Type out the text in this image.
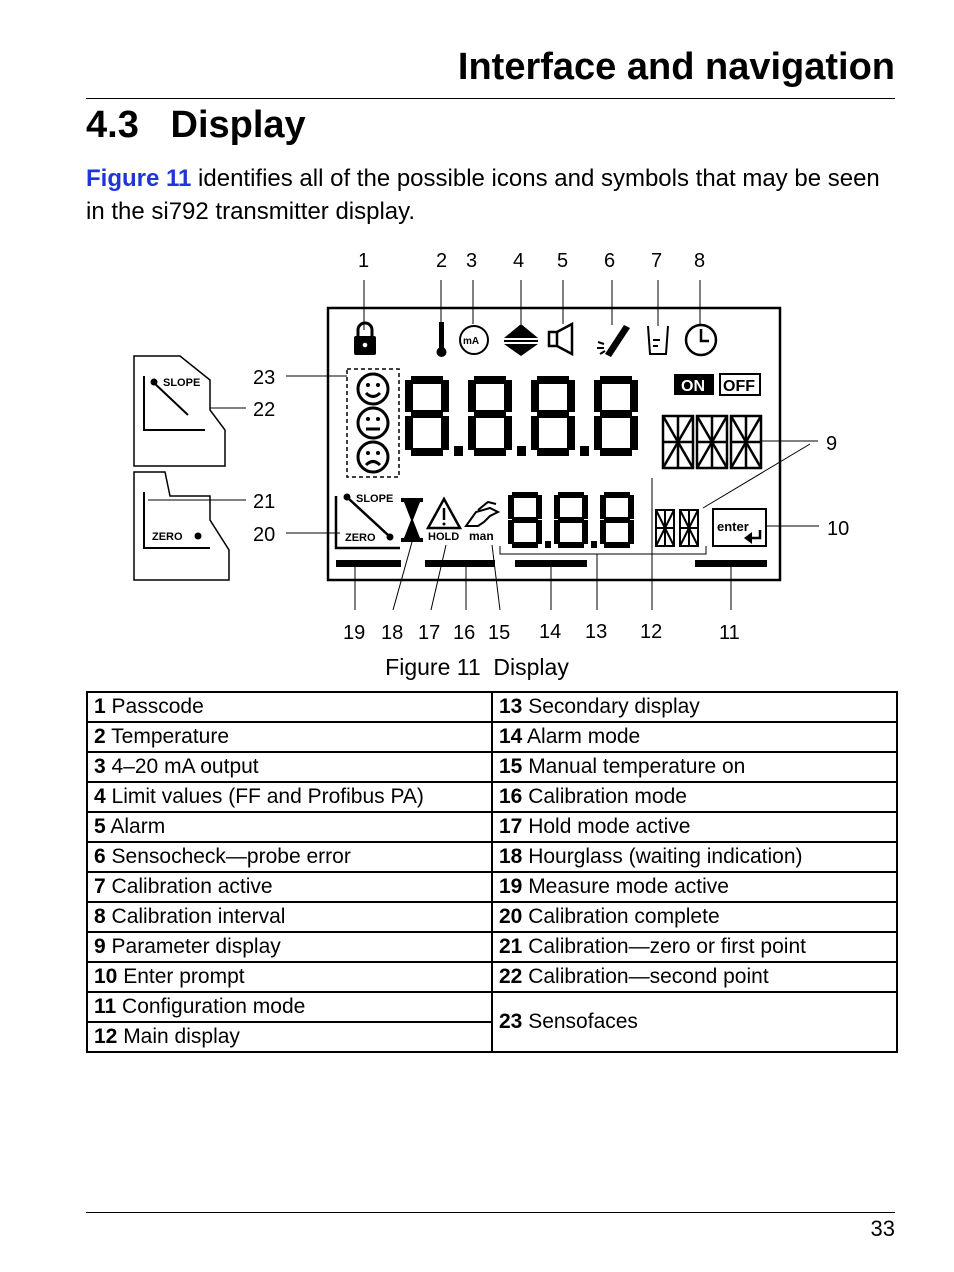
Interface and navigation
4.3   Display
Figure 11 identifies all of the possible icons and symbols that may be seen in the si792 transmitter display.
SLOPE
ZERO
mA
ON OFF
SLOPE
ZERO	HOLD man
enter
1	2 3 4 5 6 7 8
9
10
11
12
13
14
15
16
17
18
19
20
21
22
23
Figure 11  Display
1 Passcode	13 Secondary display
2 Temperature	14 Alarm mode
3 4–20 mA output	15 Manual temperature on
4 Limit values (FF and Profibus PA)	16 Calibration mode
5 Alarm	17 Hold mode active
6 Sensocheck—probe error	18 Hourglass (waiting indication)
7 Calibration active	19 Measure mode active
8 Calibration interval	20 Calibration complete
9 Parameter display	21 Calibration—zero or first point
10 Enter prompt	22 Calibration—second point
11 Configuration mode	23 Sensofaces
12 Main display	
33
